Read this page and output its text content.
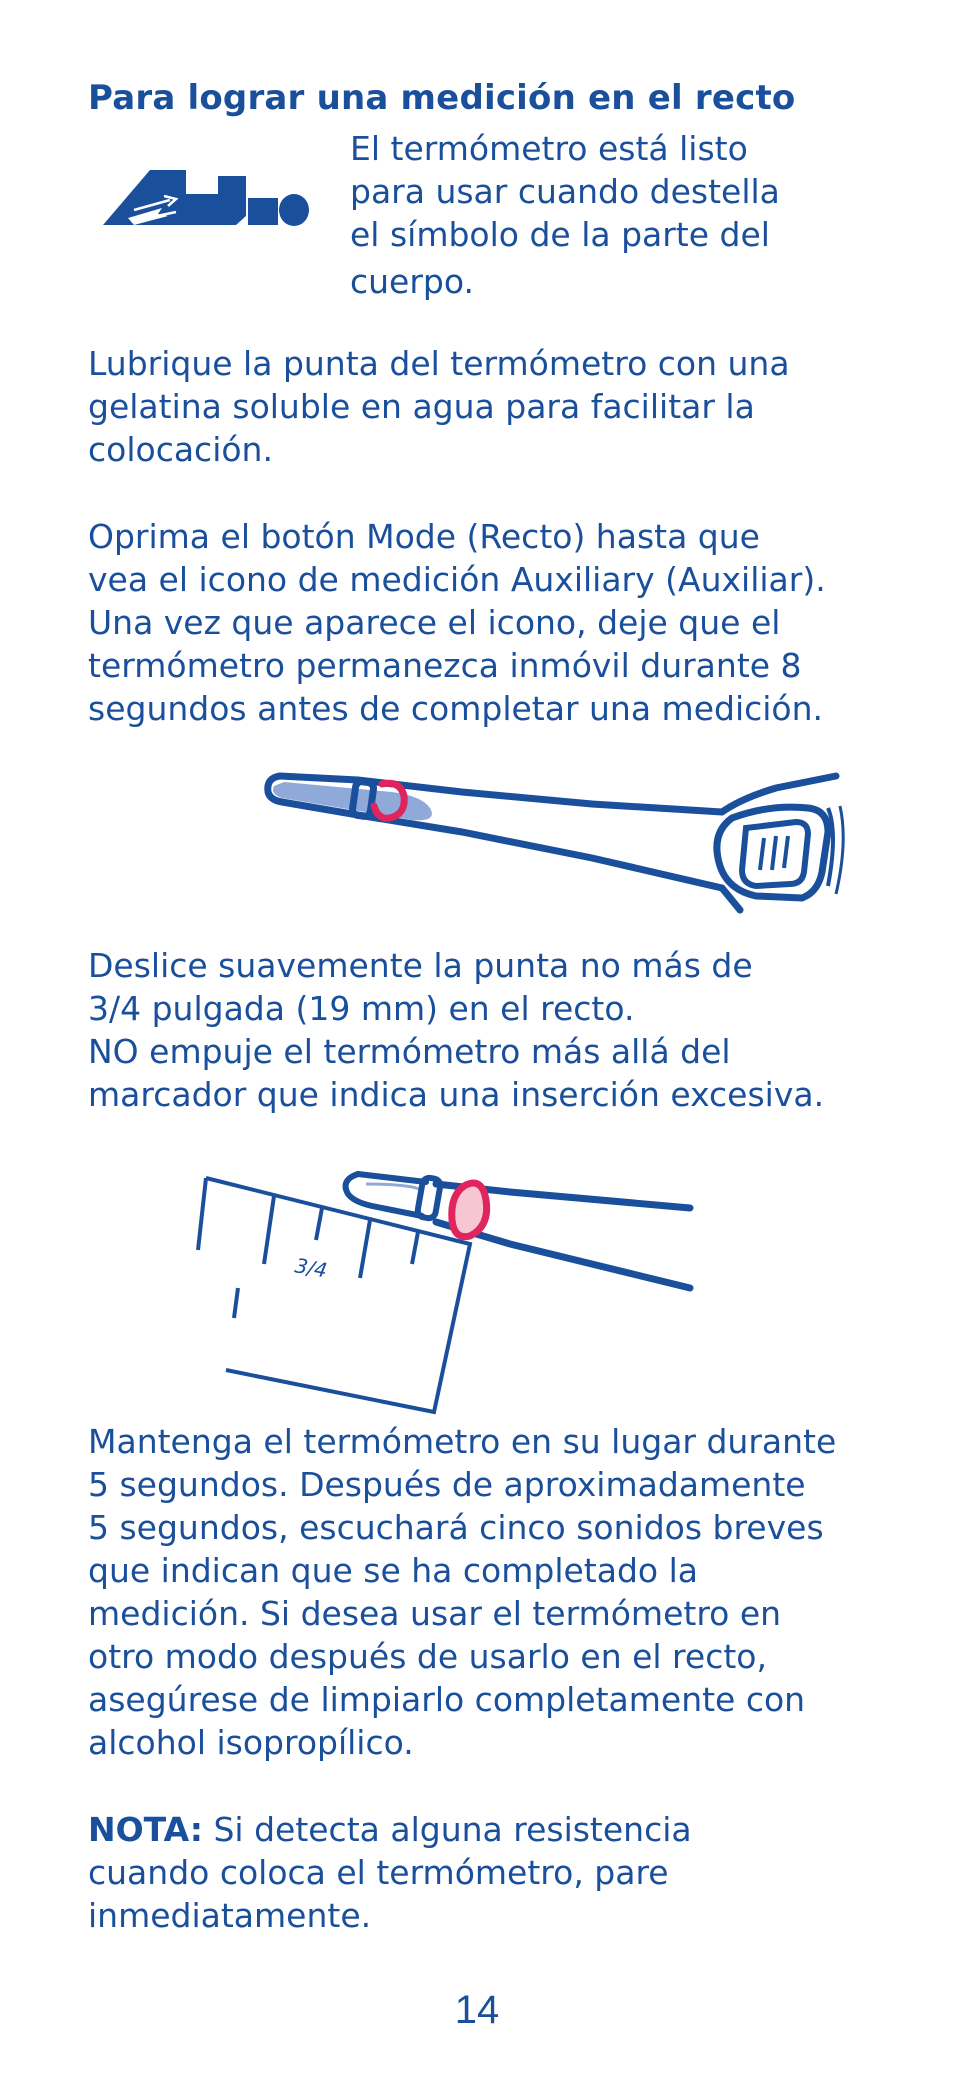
Para lograr una medición en el recto
El termómetro está listo
para usar cuando destella
el símbolo de la parte del
cuerpo.
Lubrique la punta del termómetro con una
gelatina soluble en agua para facilitar la
colocación.
Oprima el botón Mode (Recto) hasta que
vea el icono de medición Auxiliary (Auxiliar).
Una vez que aparece el icono, deje que el
termómetro permanezca inmóvil durante 8
segundos antes de completar una medición.
Deslice suavemente la punta no más de
3/4 pulgada (19 mm) en el recto.
NO empuje el termómetro más allá del
marcador que indica una inserción excesiva.
3/4
Mantenga el termómetro en su lugar durante
5 segundos. Después de aproximadamente
5 segundos, escuchará cinco sonidos breves
que indican que se ha completado la
medición. Si desea usar el termómetro en
otro modo después de usarlo en el recto,
asegúrese de limpiarlo completamente con
alcohol isopropílico.
NOTA: Si detecta alguna resistencia
cuando coloca el termómetro, pare
inmediatamente.
14
